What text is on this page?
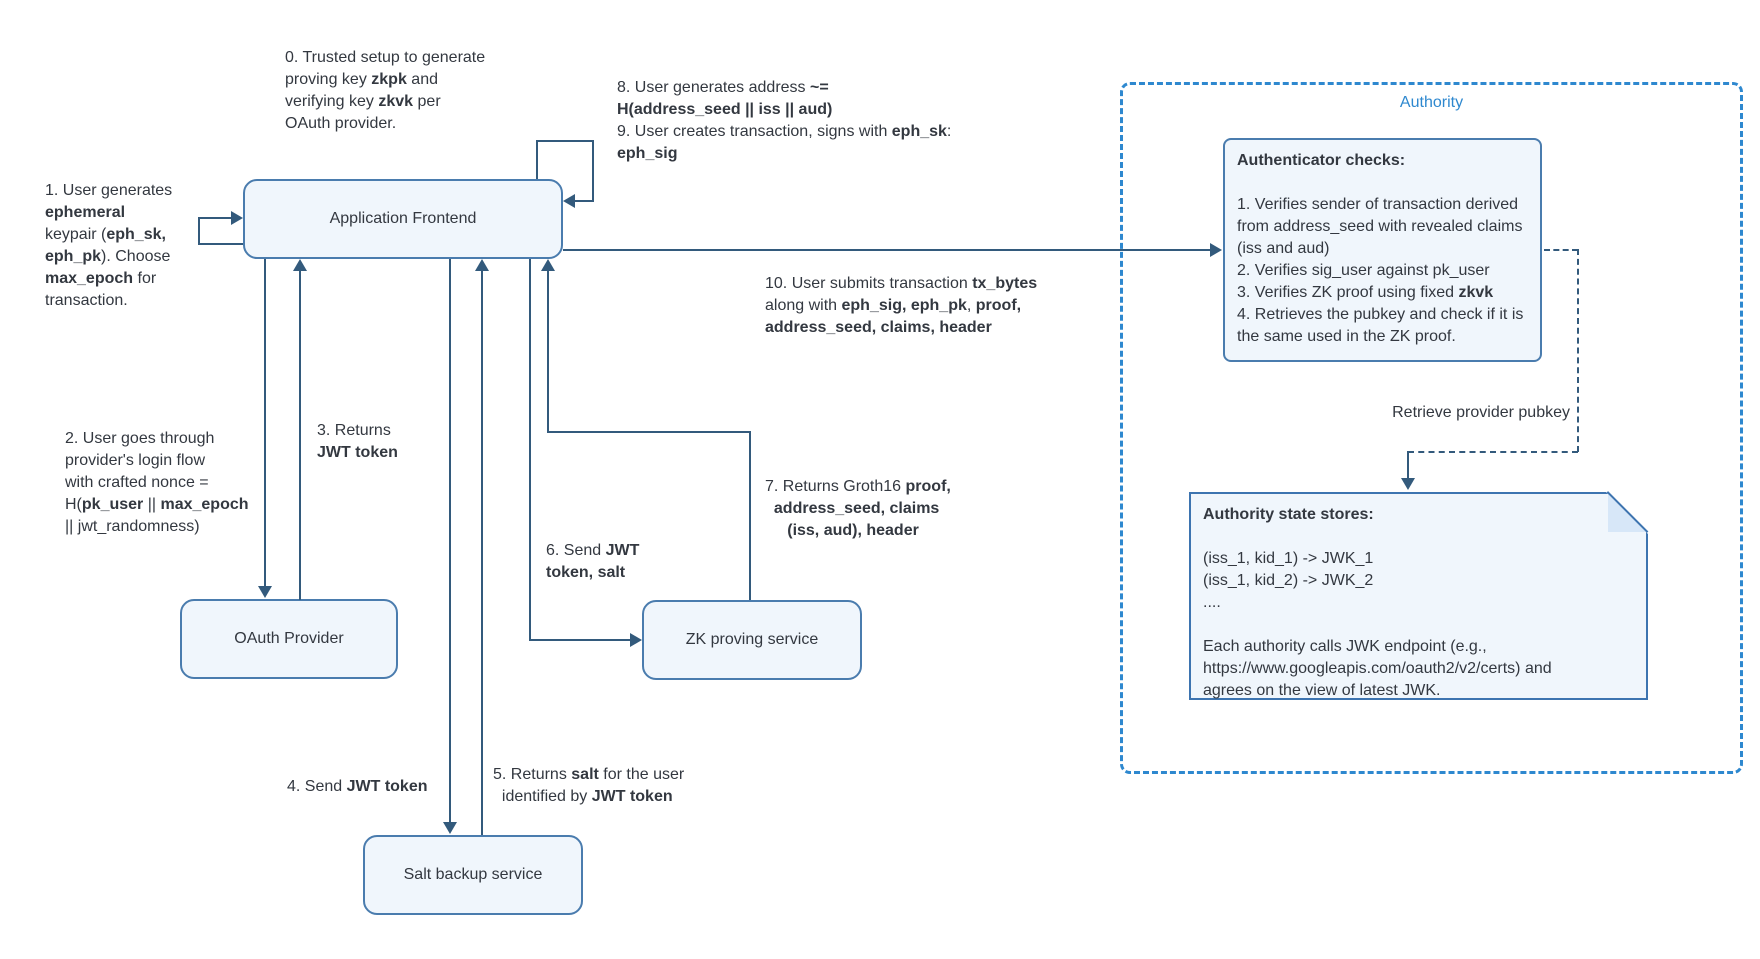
Authority
Application Frontend
OAuth Provider	ZK proving service
Salt backup service
Authenticator checks:

1. Verifies sender of transaction derived
from address_seed with revealed claims
(iss and aud)
2. Verifies sig_user against pk_user
3. Verifies ZK proof using fixed zkvk
4. Retrieves the pubkey and check if it is
the same used in the ZK proof.
Authority state stores:

(iss_1, kid_1) -> JWK_1
(iss_1, kid_2) -> JWK_2
....

Each authority calls JWK endpoint (e.g.,
https://www.googleapis.com/oauth2/v2/certs) and
agrees on the view of latest JWK.
0. Trusted setup to generate
proving key zkpk and
verifying key zkvk per
OAuth provider.
1. User generates
ephemeral
keypair (eph_sk,
eph_pk). Choose
max_epoch for
transaction.
8. User generates address ~=
H(address_seed || iss || aud)
9. User creates transaction, signs with eph_sk:
eph_sig
10. User submits transaction tx_bytes
along with eph_sig, eph_pk, proof,
address_seed, claims, header
2. User goes through
provider's login flow
with crafted nonce =
H(pk_user || max_epoch
|| jwt_randomness)
3. Returns
JWT token
4. Send JWT token
5. Returns salt for the user
identified by JWT token
6. Send JWT
token, salt
7. Returns Groth16 proof,
address_seed, claims
(iss, aud), header
Retrieve provider pubkey
